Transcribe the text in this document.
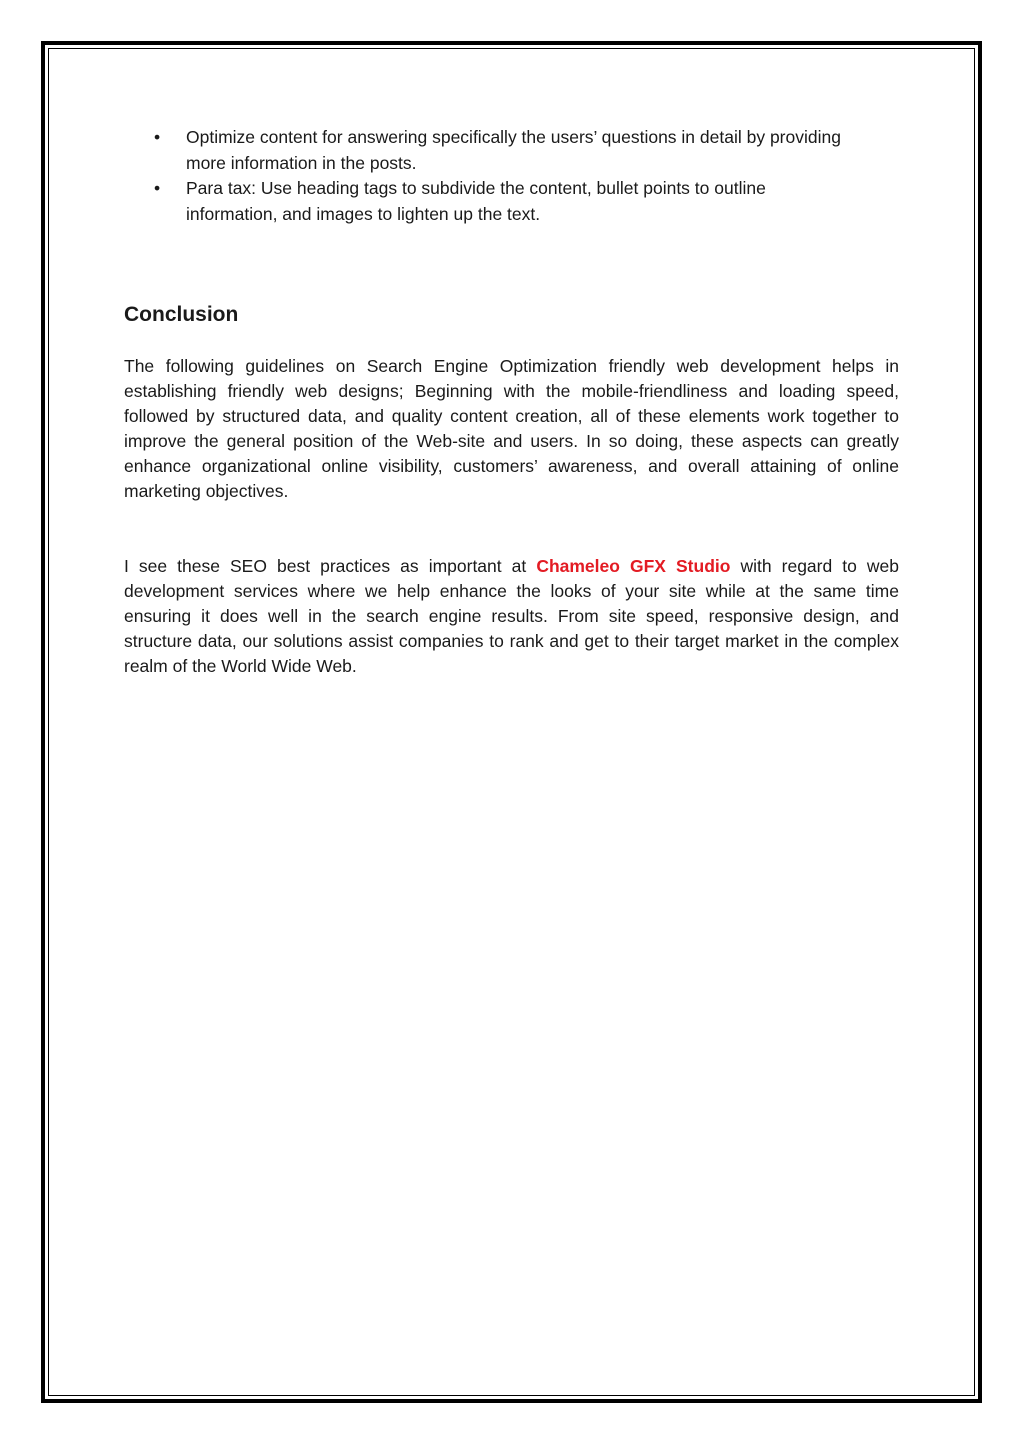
• Optimize content for answering specifically the users’ questions in detail by providing more information in the posts.
• Para tax: Use heading tags to subdivide the content, bullet points to outline information, and images to lighten up the text.
Conclusion

The following guidelines on Search Engine Optimization friendly web development helps in establishing friendly web designs; Beginning with the mobile-friendliness and loading speed, followed by structured data, and quality content creation, all of these elements work together to improve the general position of the Web-site and users. In so doing, these aspects can greatly enhance organizational online visibility, customers’ awareness, and overall attaining of online marketing objectives.

I see these SEO best practices as important at Chameleo GFX Studio with regard to web development services where we help enhance the looks of your site while at the same time ensuring it does well in the search engine results. From site speed, responsive design, and structure data, our solutions assist companies to rank and get to their target market in the complex realm of the World Wide Web.
